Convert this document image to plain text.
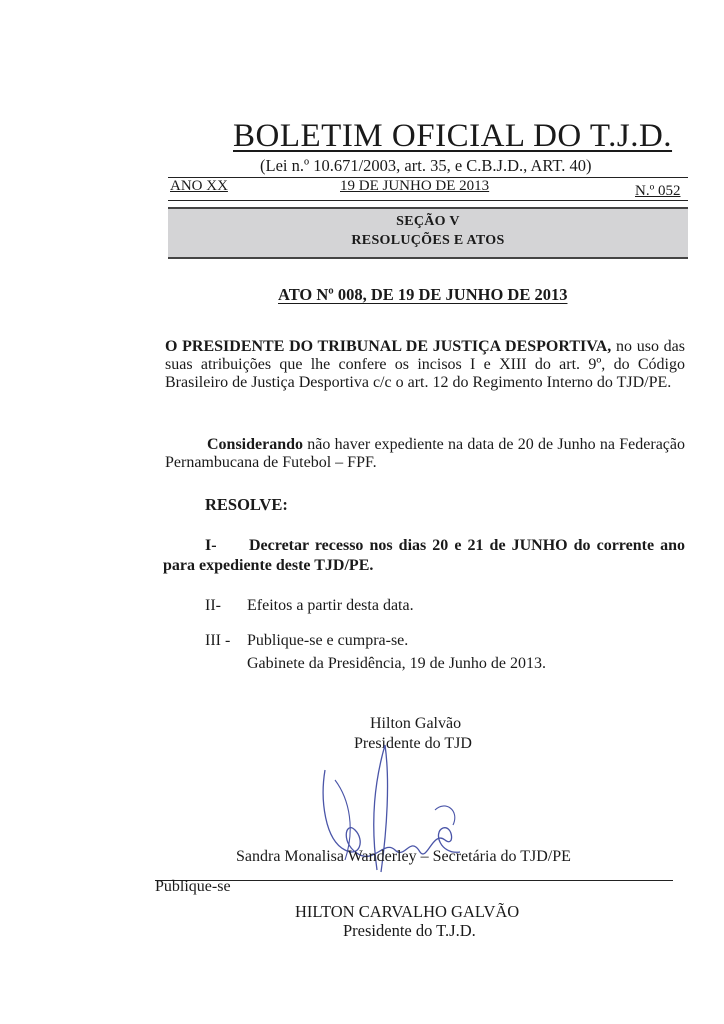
BOLETIM OFICIAL DO T.J.D.
(Lei n.º 10.671/2003, art. 35, e C.B.J.D., ART. 40)
ANO XX	19 DE JUNHO DE 2013	N.º 052
SEÇÃO V
RESOLUÇÕES E ATOS
ATO Nº 008, DE 19 DE JUNHO DE 2013
O PRESIDENTE DO TRIBUNAL DE JUSTIÇA DESPORTIVA, no uso das suas atribuições que lhe confere os incisos I e XIII do art. 9º, do Código Brasileiro de Justiça Desportiva c/c o art. 12 do Regimento Interno do TJD/PE.
Considerando não haver expediente na data de 20 de Junho na Federação Pernambucana de Futebol – FPF.
RESOLVE:
I- Decretar recesso nos dias 20 e 21 de JUNHO do corrente ano para expediente deste TJD/PE.
II- Efeitos a partir desta data.
III - Publique-se e cumpra-se.
Gabinete da Presidência, 19 de Junho de 2013.
Hilton Galvão
Presidente do TJD
Sandra Monalisa Wanderley – Secretária do TJD/PE
Publique-se
HILTON CARVALHO GALVÃO
Presidente do T.J.D.
